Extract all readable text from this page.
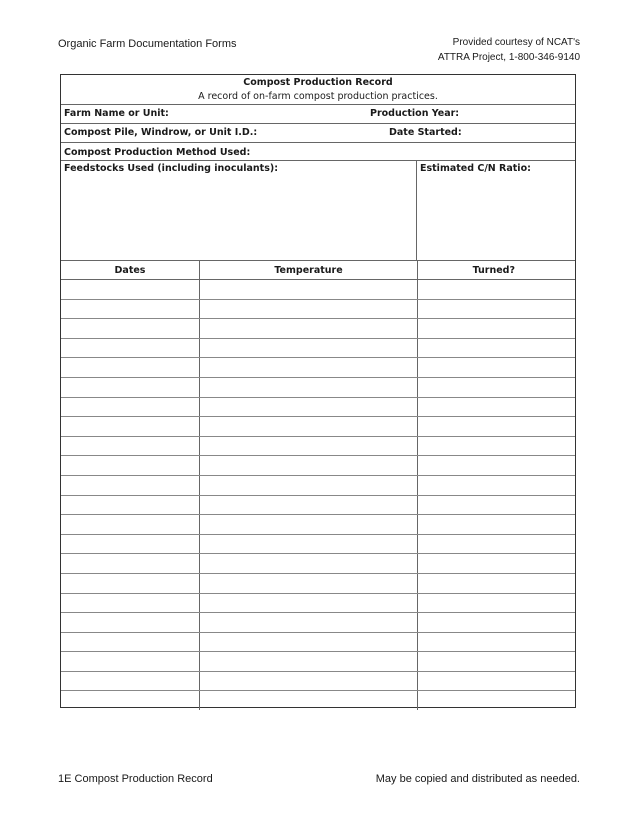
Organic Farm Documentation Forms	Provided courtesy of NCAT's
ATTRA Project, 1-800-346-9140
Compost Production Record
A record of on-farm compost production practices.
Farm Name or Unit:	Production Year:
Compost Pile, Windrow, or Unit I.D.:	Date Started:
Compost Production Method Used:
Feedstocks Used (including inoculants):	Estimated C/N Ratio:
Dates	Temperature	Turned?

1E Compost Production Record	May be copied and distributed as needed.
